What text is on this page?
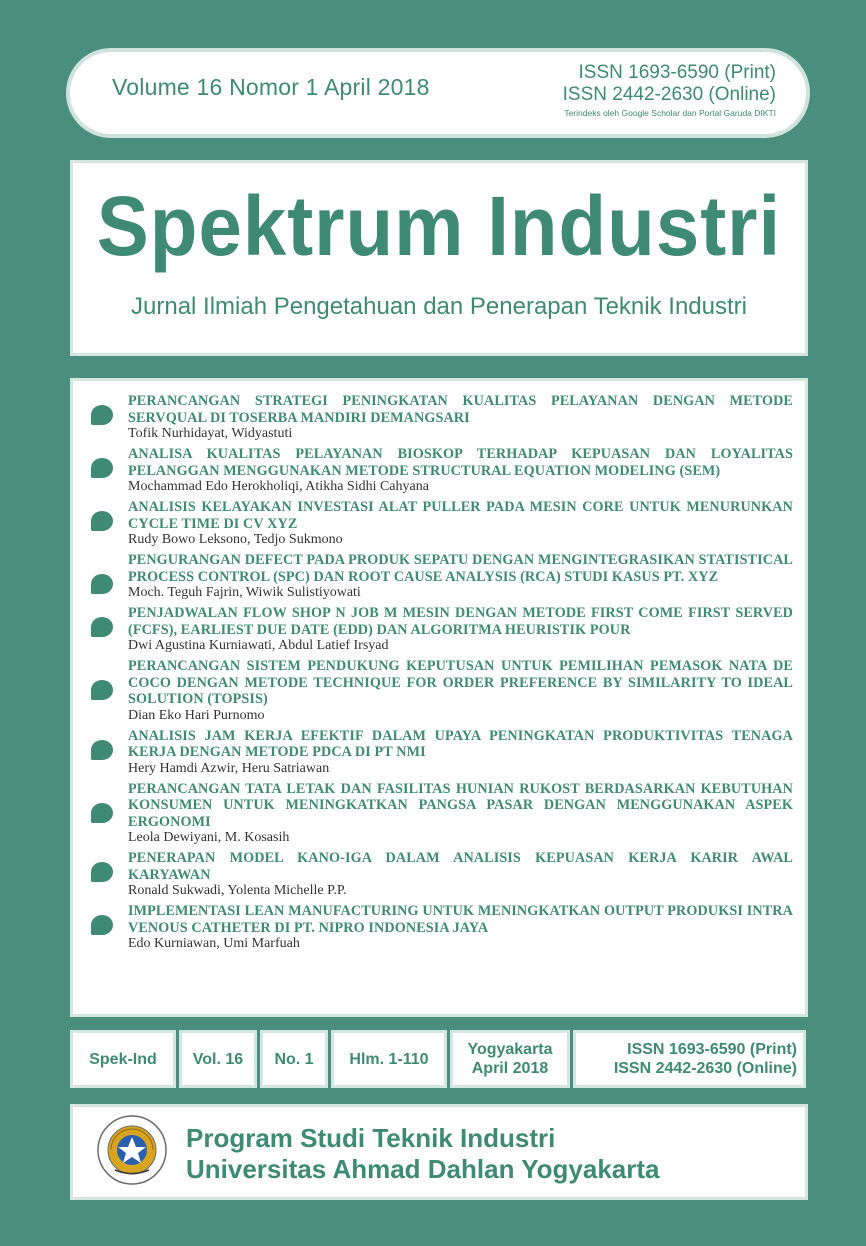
Volume 16 Nomor 1 April 2018
ISSN 1693-6590 (Print)
ISSN 2442-2630 (Online)
Terindeks oleh Google Scholar dan Portal Garuda DIKTI
Spektrum Industri
Jurnal Ilmiah Pengetahuan dan Penerapan Teknik Industri
PERANCANGAN STRATEGI PENINGKATAN KUALITAS PELAYANAN DENGAN METODE SERVQUAL DI TOSERBA MANDIRI DEMANGSARI
Tofik Nurhidayat, Widyastuti
ANALISA KUALITAS PELAYANAN BIOSKOP TERHADAP KEPUASAN DAN LOYALITAS PELANGGAN MENGGUNAKAN METODE STRUCTURAL EQUATION MODELING (SEM)
Mochammad Edo Herokholiqi, Atikha Sidhi Cahyana
ANALISIS KELAYAKAN INVESTASI ALAT PULLER PADA MESIN CORE UNTUK MENURUNKAN CYCLE TIME DI CV XYZ
Rudy Bowo Leksono, Tedjo Sukmono
PENGURANGAN DEFECT PADA PRODUK SEPATU DENGAN MENGINTEGRASIKAN STATISTICAL PROCESS CONTROL (SPC) DAN ROOT CAUSE ANALYSIS (RCA) STUDI KASUS PT. XYZ
Moch. Teguh Fajrin, Wiwik Sulistiyowati
PENJADWALAN FLOW SHOP N JOB M MESIN DENGAN METODE FIRST COME FIRST SERVED (FCFS), EARLIEST DUE DATE (EDD) DAN ALGORITMA HEURISTIK POUR
Dwi Agustina Kurniawati, Abdul Latief Irsyad
PERANCANGAN SISTEM PENDUKUNG KEPUTUSAN UNTUK PEMILIHAN PEMASOK NATA DE COCO DENGAN METODE TECHNIQUE FOR ORDER PREFERENCE BY SIMILARITY TO IDEAL SOLUTION (TOPSIS)
Dian Eko Hari Purnomo
ANALISIS JAM KERJA EFEKTIF DALAM UPAYA PENINGKATAN PRODUKTIVITAS TENAGA KERJA DENGAN METODE PDCA DI PT NMI
Hery Hamdi Azwir, Heru Satriawan
PERANCANGAN TATA LETAK DAN FASILITAS HUNIAN RUKOST BERDASARKAN KEBUTUHAN KONSUMEN UNTUK MENINGKATKAN PANGSA PASAR DENGAN MENGGUNAKAN ASPEK ERGONOMI
Leola Dewiyani, M. Kosasih
PENERAPAN MODEL KANO-IGA DALAM ANALISIS KEPUASAN KERJA KARIR AWAL KARYAWAN
Ronald Sukwadi, Yolenta Michelle P.P.
IMPLEMENTASI LEAN MANUFACTURING UNTUK MENINGKATKAN OUTPUT PRODUKSI INTRA VENOUS CATHETER DI PT. NIPRO INDONESIA JAYA
Edo Kurniawan, Umi Marfuah
Spek-Ind Vol. 16 No. 1 Hlm. 1-110
Yogyakarta
April 2018
ISSN 1693-6590 (Print)
ISSN 2442-2630 (Online)
Program Studi Teknik Industri
Universitas Ahmad Dahlan Yogyakarta
